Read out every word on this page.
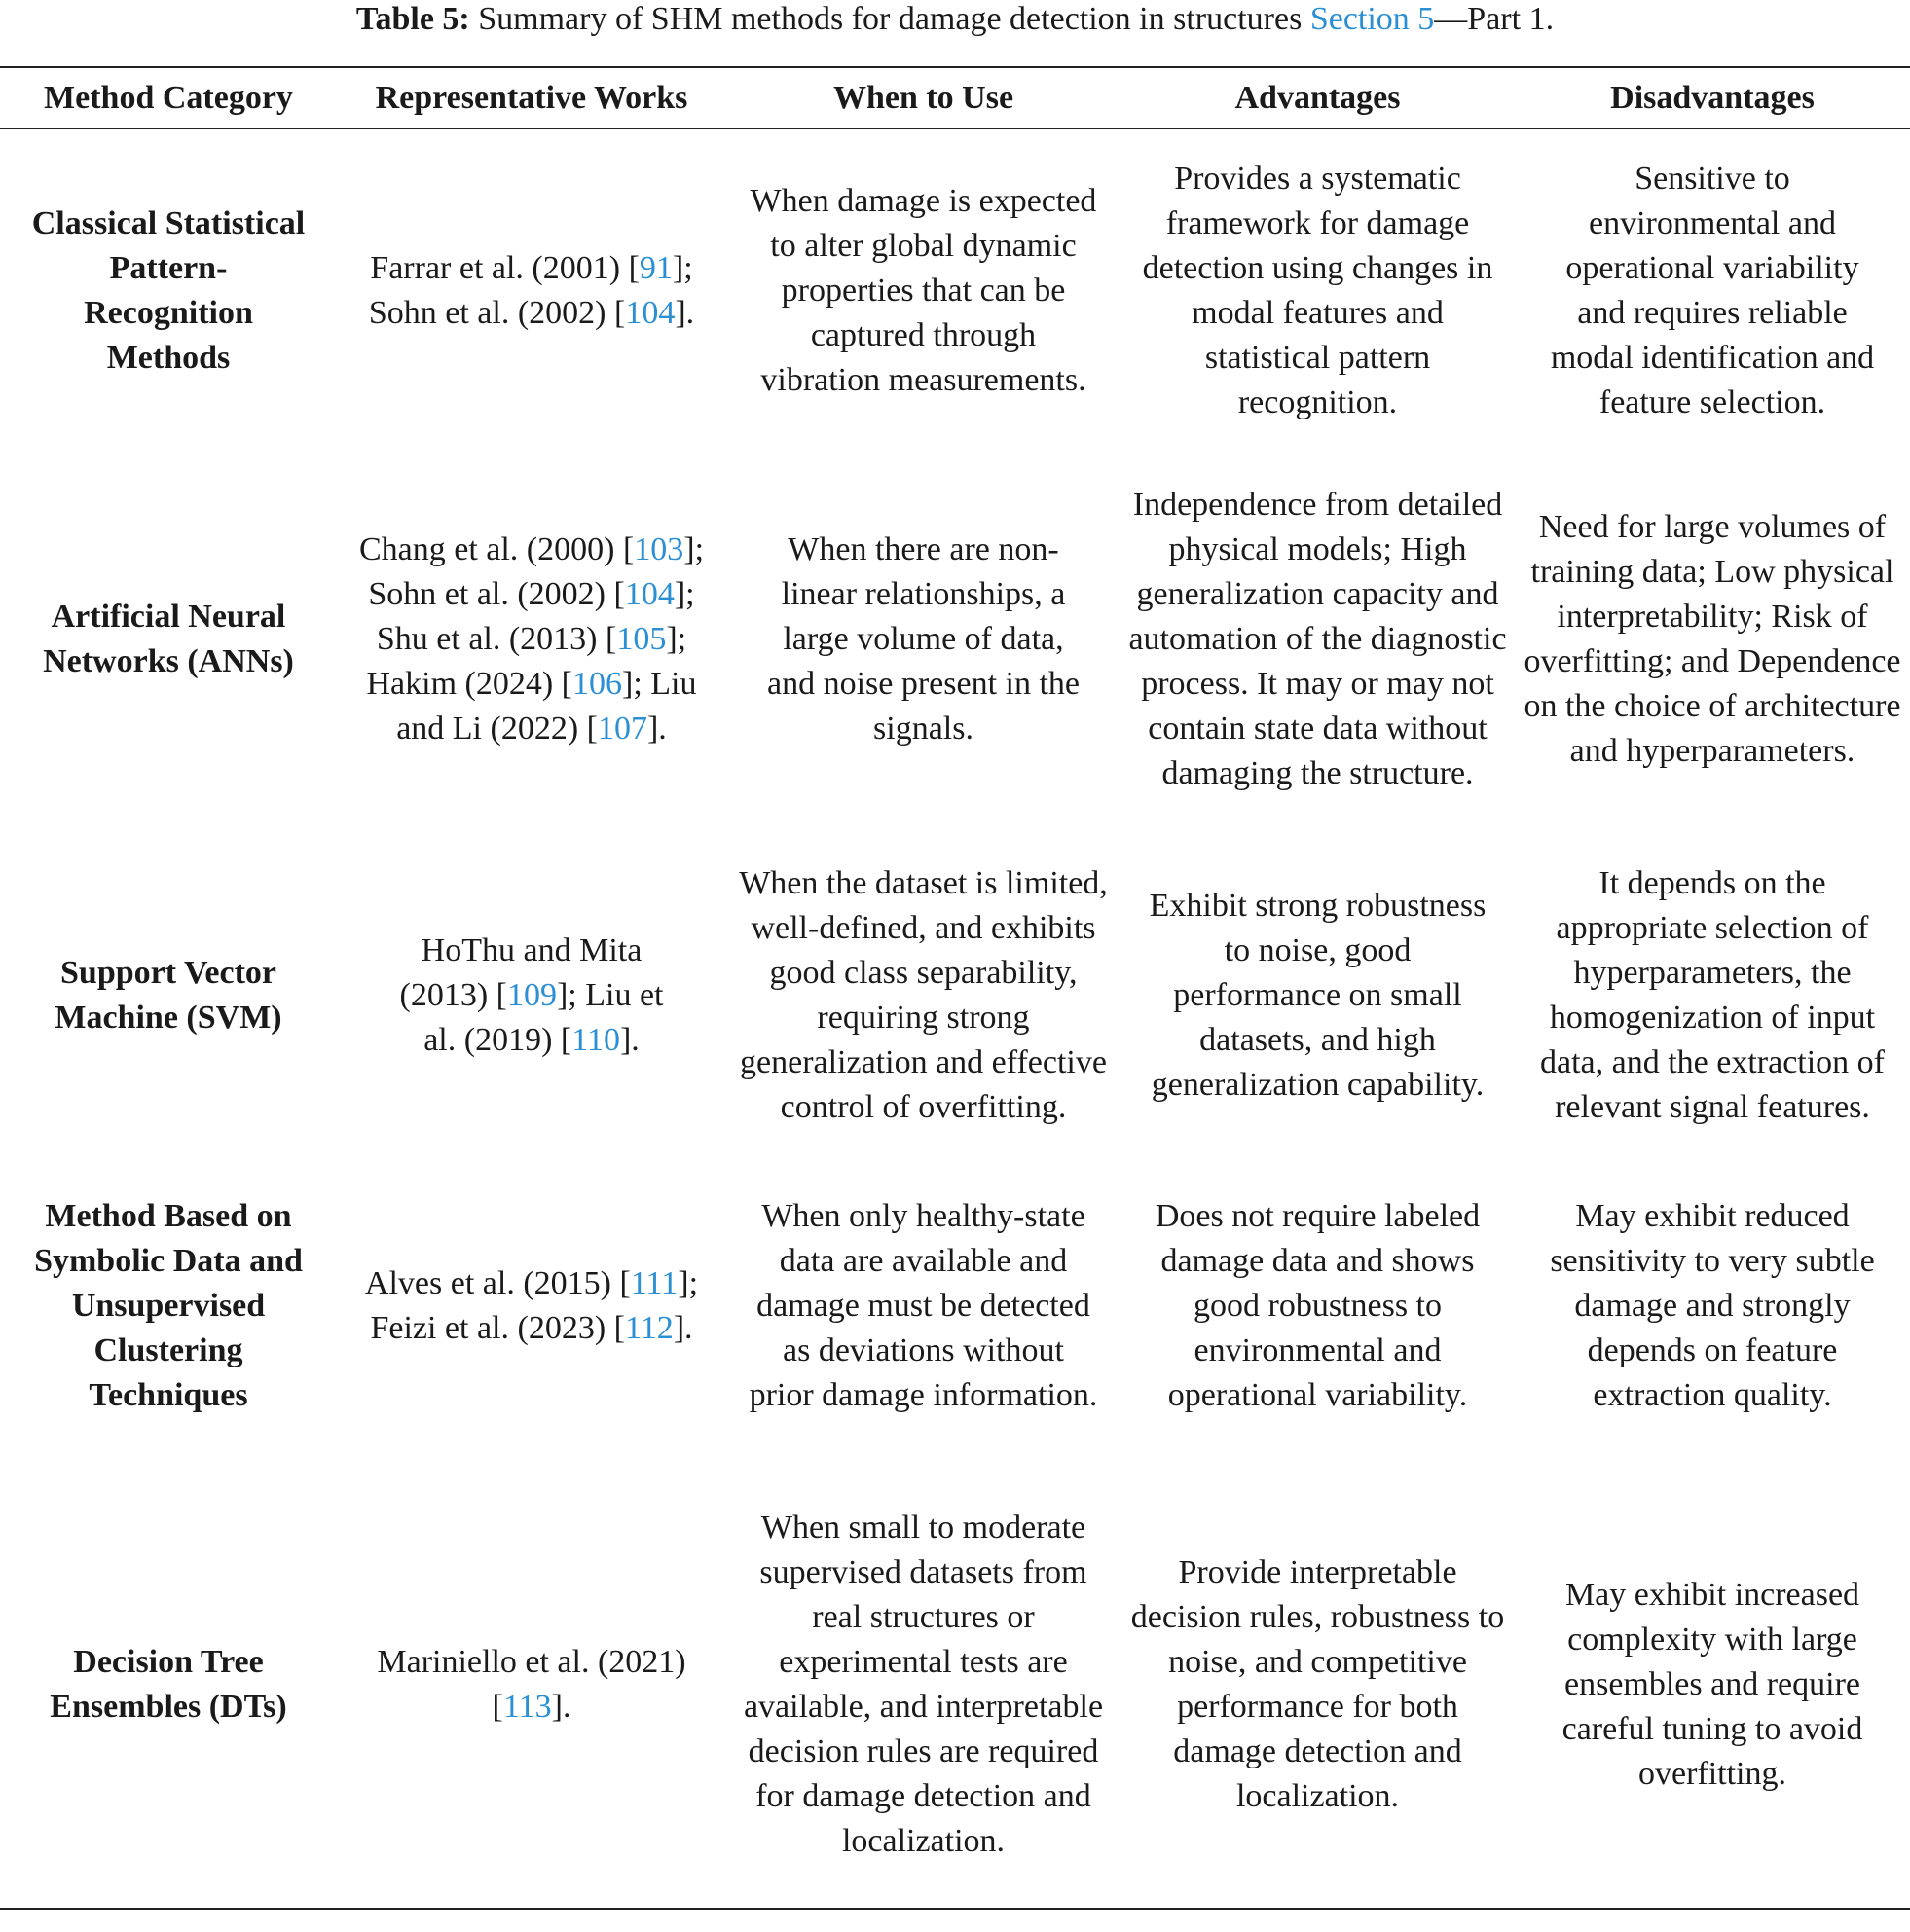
Table 5: Summary of SHM methods for damage detection in structures Section 5—Part 1.
Method Category	Representative Works	When to Use	Advantages	Disadvantages
Classical Statistical Pattern-Recognition Methods	Farrar et al. (2001) [91]; Sohn et al. (2002) [104].	When damage is expected to alter global dynamic properties that can be captured through vibration measurements.	Provides a systematic framework for damage detection using changes in modal features and statistical pattern recognition.	Sensitive to environmental and operational variability and requires reliable modal identification and feature selection.
Artificial Neural Networks (ANNs)	Chang et al. (2000) [103]; Sohn et al. (2002) [104]; Shu et al. (2013) [105]; Hakim (2024) [106]; Liu and Li (2022) [107].	When there are non-linear relationships, a large volume of data, and noise present in the signals.	Independence from detailed physical models; High generalization capacity and automation of the diagnostic process. It may or may not contain state data without damaging the structure.	Need for large volumes of training data; Low physical interpretability; Risk of overfitting; and Dependence on the choice of architecture and hyperparameters.
Support Vector Machine (SVM)	HoThu and Mita (2013) [109]; Liu et al. (2019) [110].	When the dataset is limited, well-defined, and exhibits good class separability, requiring strong generalization and effective control of overfitting.	Exhibit strong robustness to noise, good performance on small datasets, and high generalization capability.	It depends on the appropriate selection of hyperparameters, the homogenization of input data, and the extraction of relevant signal features.
Method Based on Symbolic Data and Unsupervised Clustering Techniques	Alves et al. (2015) [111]; Feizi et al. (2023) [112].	When only healthy-state data are available and damage must be detected as deviations without prior damage information.	Does not require labeled damage data and shows good robustness to environmental and operational variability.	May exhibit reduced sensitivity to very subtle damage and strongly depends on feature extraction quality.
Decision Tree Ensembles (DTs)	Mariniello et al. (2021) [113].	When small to moderate supervised datasets from real structures or experimental tests are available, and interpretable decision rules are required for damage detection and localization.	Provide interpretable decision rules, robustness to noise, and competitive performance for both damage detection and localization.	May exhibit increased complexity with large ensembles and require careful tuning to avoid overfitting.
